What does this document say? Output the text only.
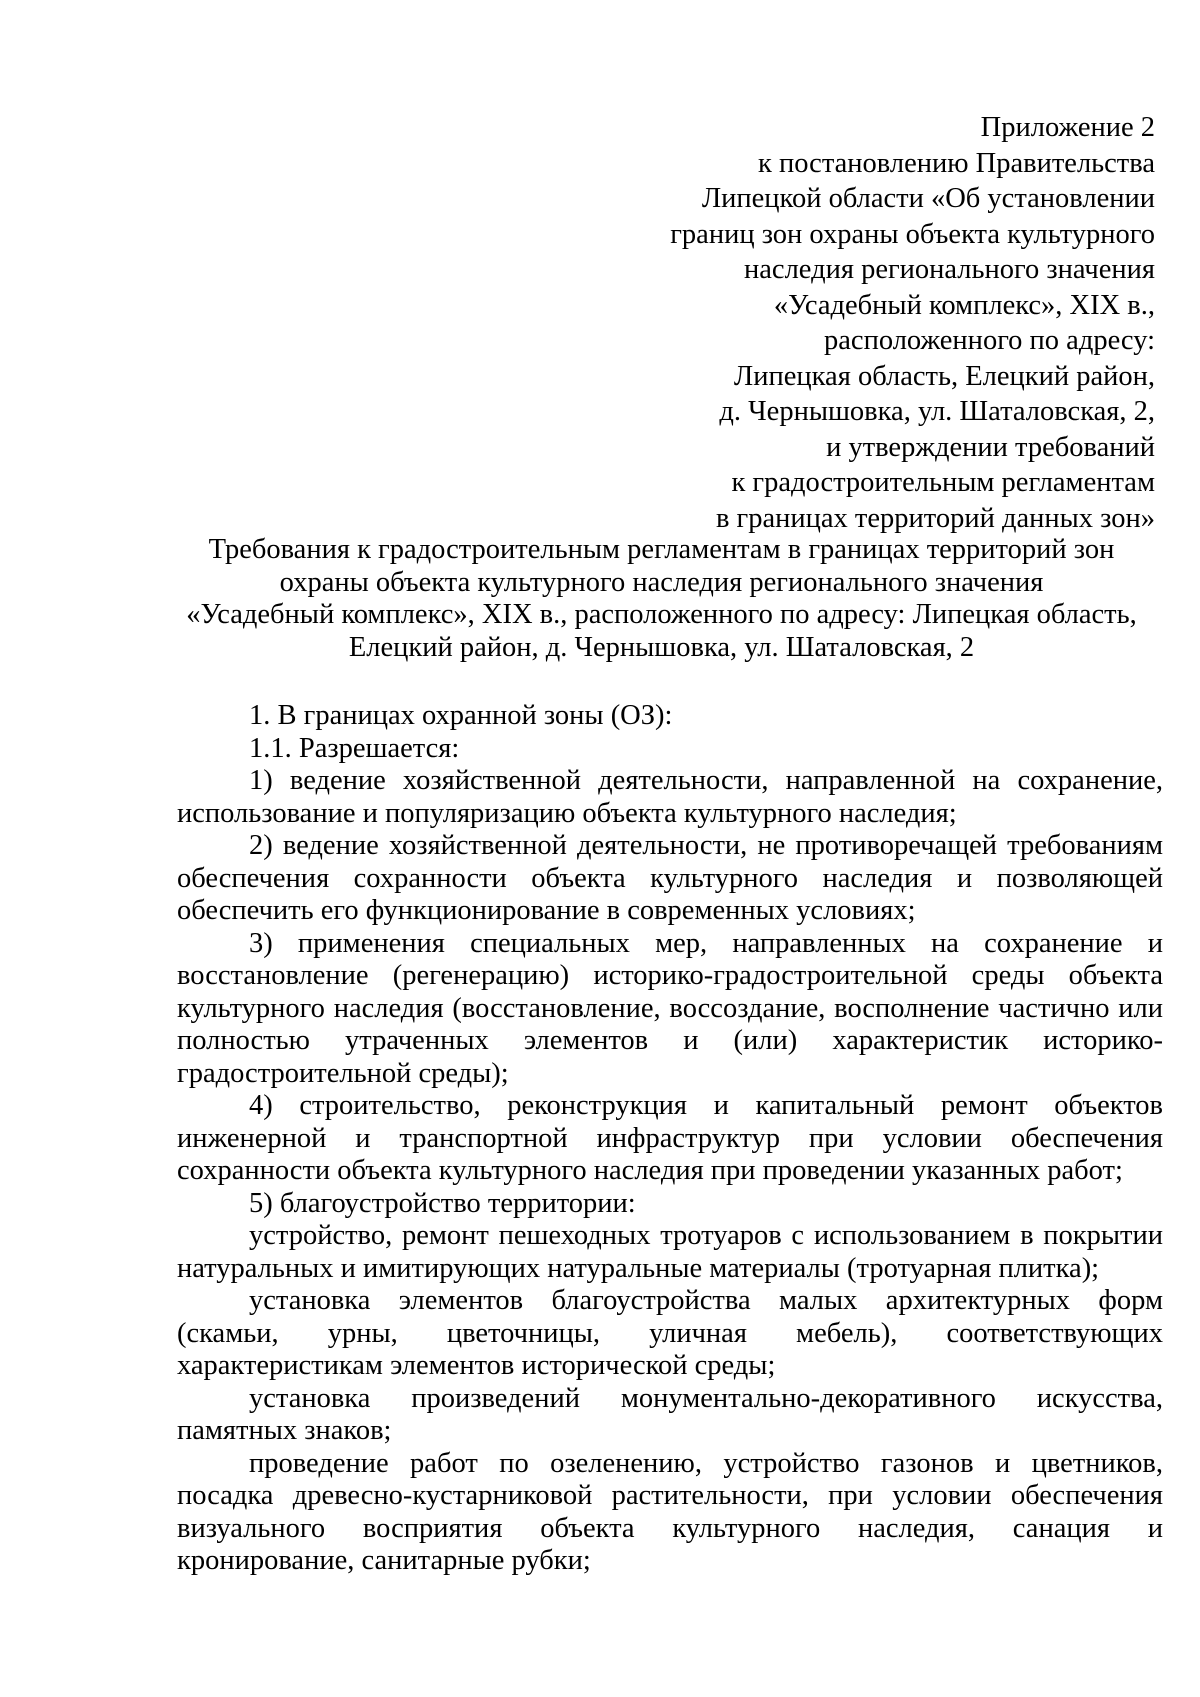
Приложение 2
к постановлению Правительства
Липецкой области «Об установлении
границ зон охраны объекта культурного
наследия регионального значения
«Усадебный комплекс», XIX в.,
расположенного по адресу:
Липецкая область, Елецкий район,
д. Чернышовка, ул. Шаталовская, 2,
и утверждении требований
к градостроительным регламентам
в границах территорий данных зон»
Требования к градостроительным регламентам в границах территорий зон
охраны объекта культурного наследия регионального значения
«Усадебный комплекс», XIX в., расположенного по адресу: Липецкая область,
Елецкий район, д. Чернышовка, ул. Шаталовская, 2

1. В границах охранной зоны (ОЗ):

1.1. Разрешается:

1) ведение хозяйственной деятельности, направленной на сохранение, использование и популяризацию объекта культурного наследия;

2) ведение хозяйственной деятельности, не противоречащей требованиям обеспечения сохранности объекта культурного наследия и позволяющей обеспечить его функционирование в современных условиях;

3) применения специальных мер, направленных на сохранение и восстановление (регенерацию) историко-градостроительной среды объекта культурного наследия (восстановление, воссоздание, восполнение частично или полностью утраченных элементов и (или) характеристик историко-градостроительной среды);

4) строительство, реконструкция и капитальный ремонт объектов инженерной и транспортной инфраструктур при условии обеспечения сохранности объекта культурного наследия при проведении указанных работ;

5) благоустройство территории:

устройство, ремонт пешеходных тротуаров с использованием в покрытии натуральных и имитирующих натуральные материалы (тротуарная плитка);

установка элементов благоустройства малых архитектурных форм (скамьи, урны, цветочницы, уличная мебель), соответствующих характеристикам элементов исторической среды;

установка произведений монументально-декоративного искусства, памятных знаков;

проведение работ по озеленению, устройство газонов и цветников, посадка древесно-кустарниковой растительности, при условии обеспечения визуального восприятия объекта культурного наследия, санация и кронирование, санитарные рубки;
